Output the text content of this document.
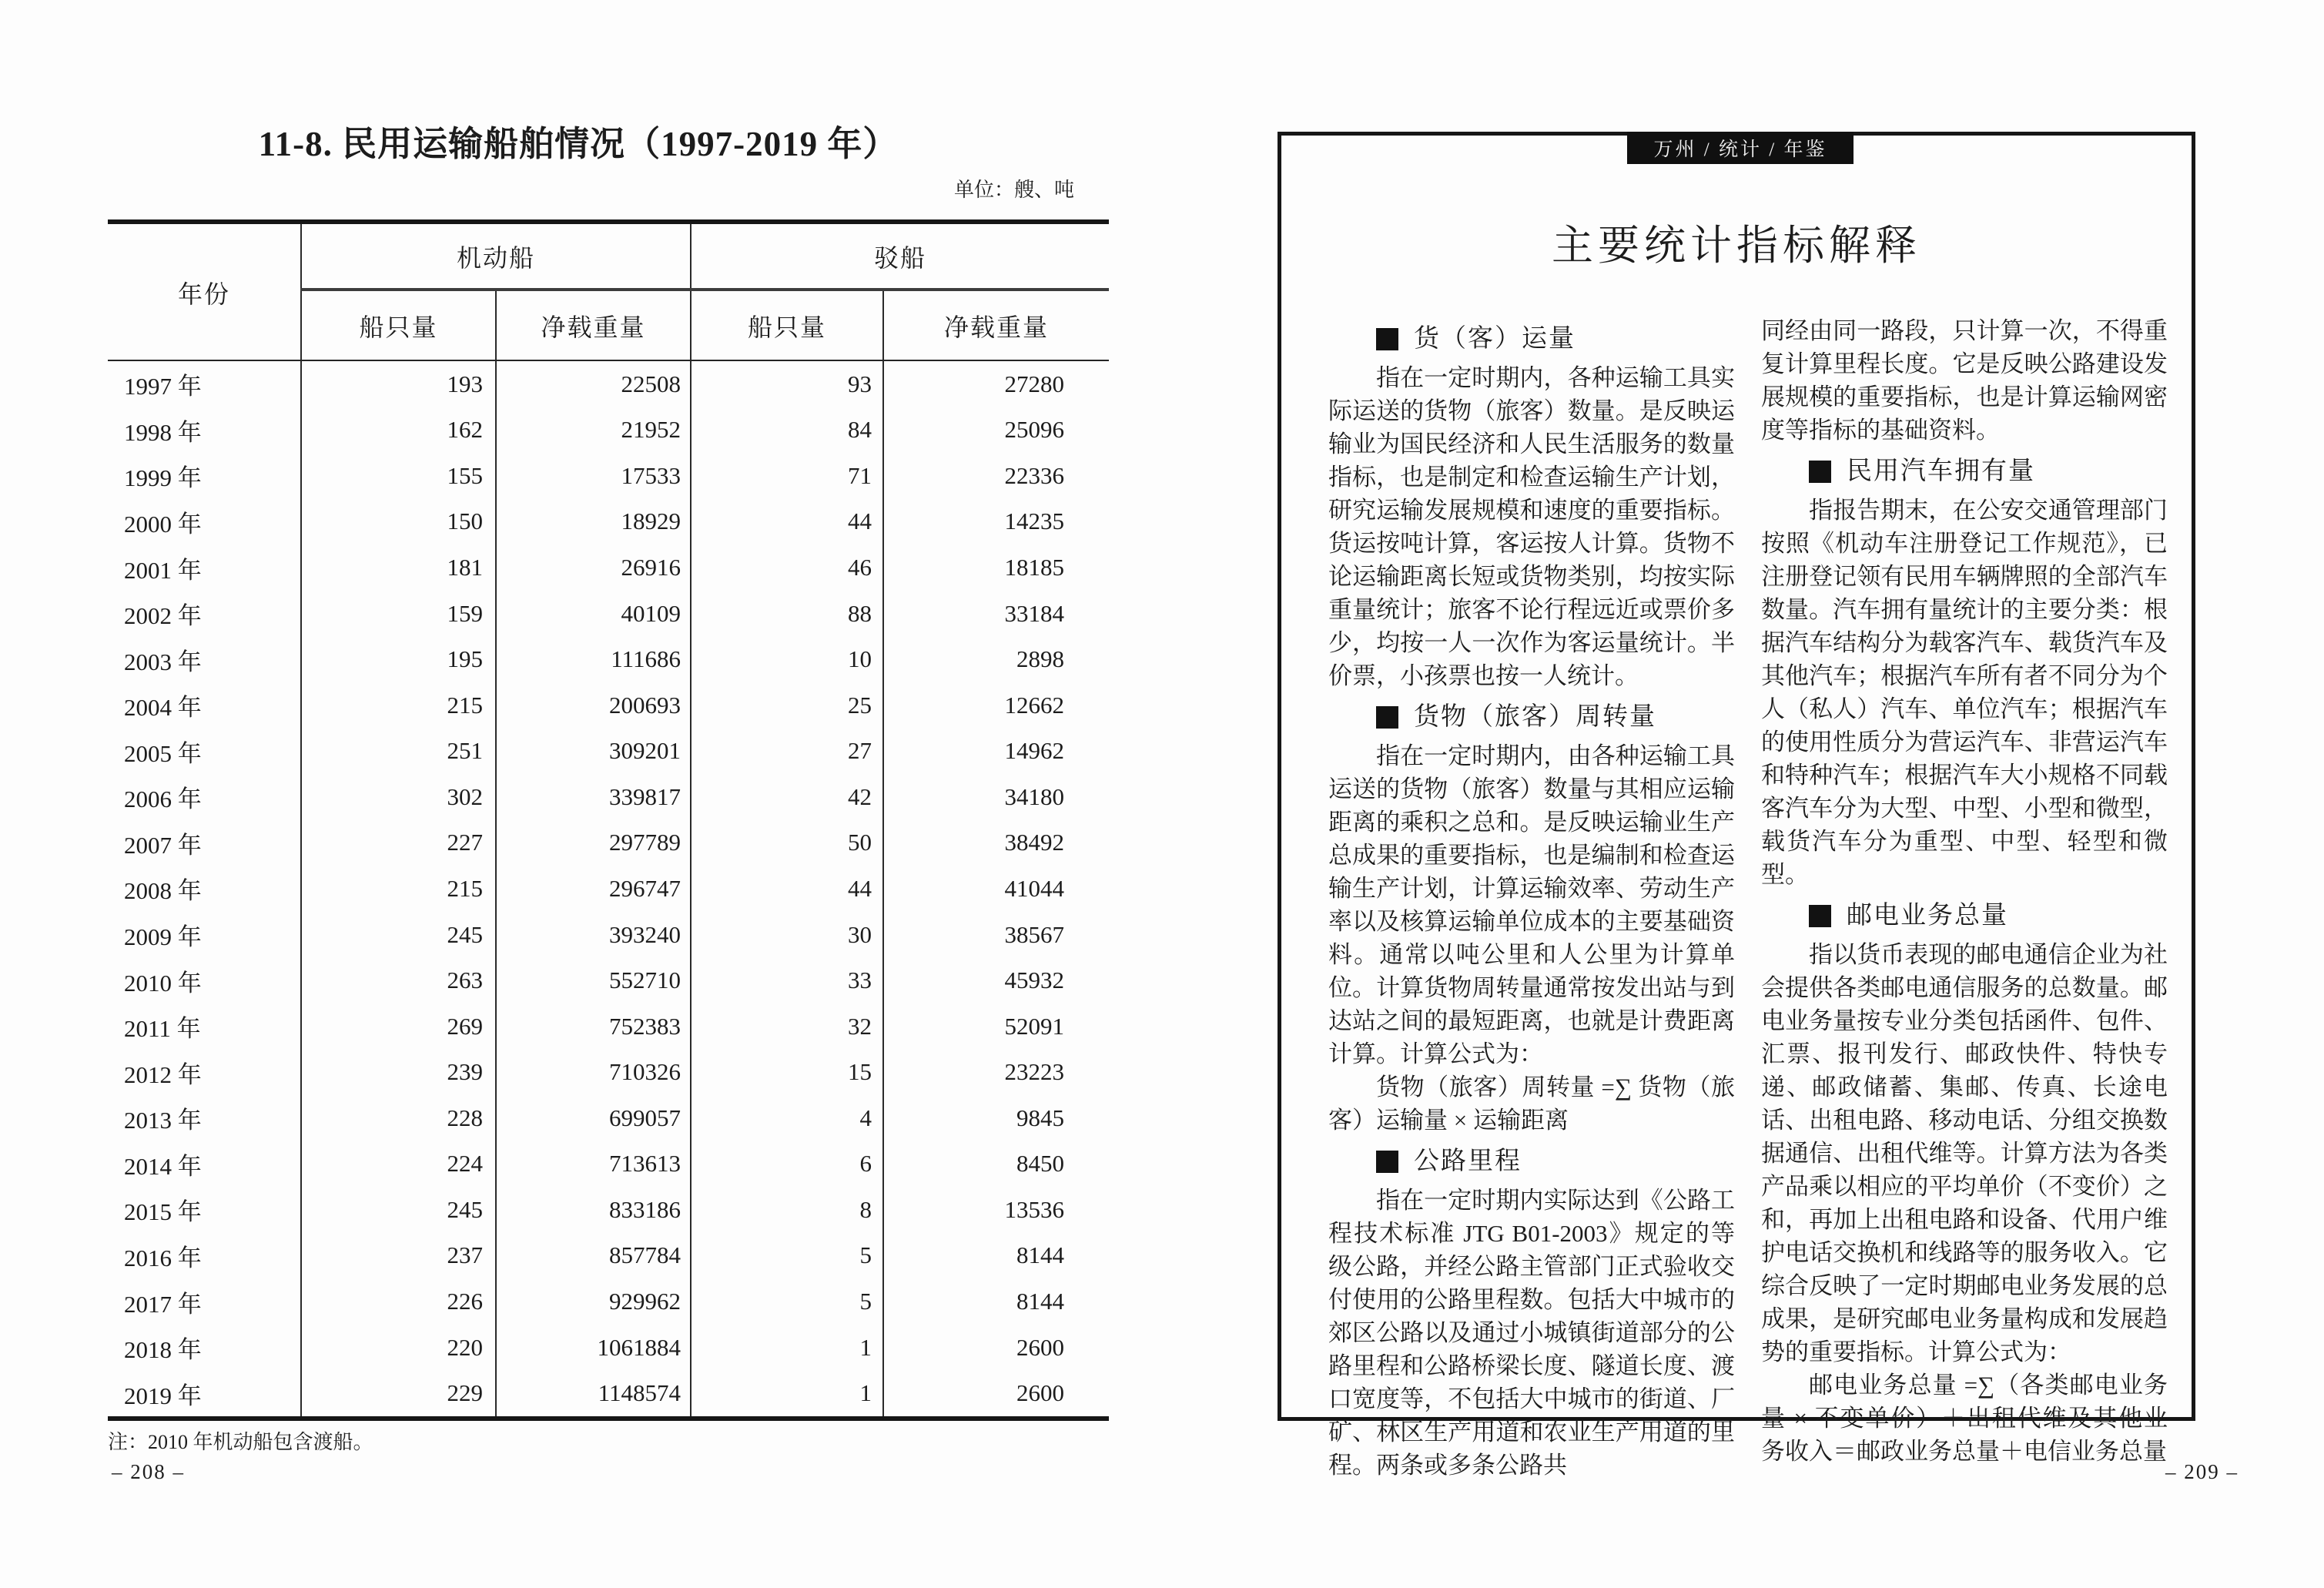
11-8. 民用运输船舶情况（1997-2019 年）
单位：艘、吨
年份
机动船	驳船
船只量	净载重量	船只量	净载重量
1997 年	193	22508	93	27280
1998 年	162	21952	84	25096
1999 年	155	17533	71	22336
2000 年	150	18929	44	14235
2001 年	181	26916	46	18185
2002 年	159	40109	88	33184
2003 年	195	111686	10	2898
2004 年	215	200693	25	12662
2005 年	251	309201	27	14962
2006 年	302	339817	42	34180
2007 年	227	297789	50	38492
2008 年	215	296747	44	41044
2009 年	245	393240	30	38567
2010 年	263	552710	33	45932
2011 年	269	752383	32	52091
2012 年	239	710326	15	23223
2013 年	228	699057	4	9845
2014 年	224	713613	6	8450
2015 年	245	833186	8	13536
2016 年	237	857784	5	8144
2017 年	226	929962	5	8144
2018 年	220	1061884	1	2600
2019 年	229	1148574	1	2600
注：2010 年机动船包含渡船。
– 208 –
万州 / 统计 / 年鉴
主要统计指标解释
货（客）运量
指在一定时期内，各种运输工具实际运送的货物（旅客）数量。是反映运输业为国民经济和人民生活服务的数量指标，也是制定和检查运输生产计划，研究运输发展规模和速度的重要指标。货运按吨计算，客运按人计算。货物不论运输距离长短或货物类别，均按实际重量统计；旅客不论行程远近或票价多少，均按一人一次作为客运量统计。半价票，小孩票也按一人统计。
货物（旅客）周转量
指在一定时期内，由各种运输工具运送的货物（旅客）数量与其相应运输距离的乘积之总和。是反映运输业生产总成果的重要指标，也是编制和检查运输生产计划，计算运输效率、劳动生产率以及核算运输单位成本的主要基础资料。通常以吨公里和人公里为计算单位。计算货物周转量通常按发出站与到达站之间的最短距离，也就是计费距离计算。计算公式为：
货物（旅客）周转量 =∑ 货物（旅客）运输量 × 运输距离
公路里程
指在一定时期内实际达到《公路工程技术标准 JTG B01-2003》规定的等级公路，并经公路主管部门正式验收交付使用的公路里程数。包括大中城市的郊区公路以及通过小城镇街道部分的公路里程和公路桥梁长度、隧道长度、渡口宽度等，不包括大中城市的街道、厂矿、林区生产用道和农业生产用道的里程。两条或多条公路共
同经由同一路段，只计算一次，不得重复计算里程长度。它是反映公路建设发展规模的重要指标，也是计算运输网密度等指标的基础资料。
民用汽车拥有量
指报告期末，在公安交通管理部门按照《机动车注册登记工作规范》，已注册登记领有民用车辆牌照的全部汽车数量。汽车拥有量统计的主要分类：根据汽车结构分为载客汽车、载货汽车及其他汽车；根据汽车所有者不同分为个人（私人）汽车、单位汽车；根据汽车的使用性质分为营运汽车、非营运汽车和特种汽车；根据汽车大小规格不同载客汽车分为大型、中型、小型和微型，载货汽车分为重型、中型、轻型和微型。
邮电业务总量
指以货币表现的邮电通信企业为社会提供各类邮电通信服务的总数量。邮电业务量按专业分类包括函件、包件、汇票、报刊发行、邮政快件、特快专递、邮政储蓄、集邮、传真、长途电话、出租电路、移动电话、分组交换数据通信、出租代维等。计算方法为各类产品乘以相应的平均单价（不变价）之和，再加上出租电路和设备、代用户维护电话交换机和线路等的服务收入。它综合反映了一定时期邮电业务发展的总成果，是研究邮电业务量构成和发展趋势的重要指标。计算公式为：
邮电业务总量 =∑（各类邮电业务量 × 不变单价）＋出租代维及其他业务收入＝邮政业务总量＋电信业务总量
– 209 –
